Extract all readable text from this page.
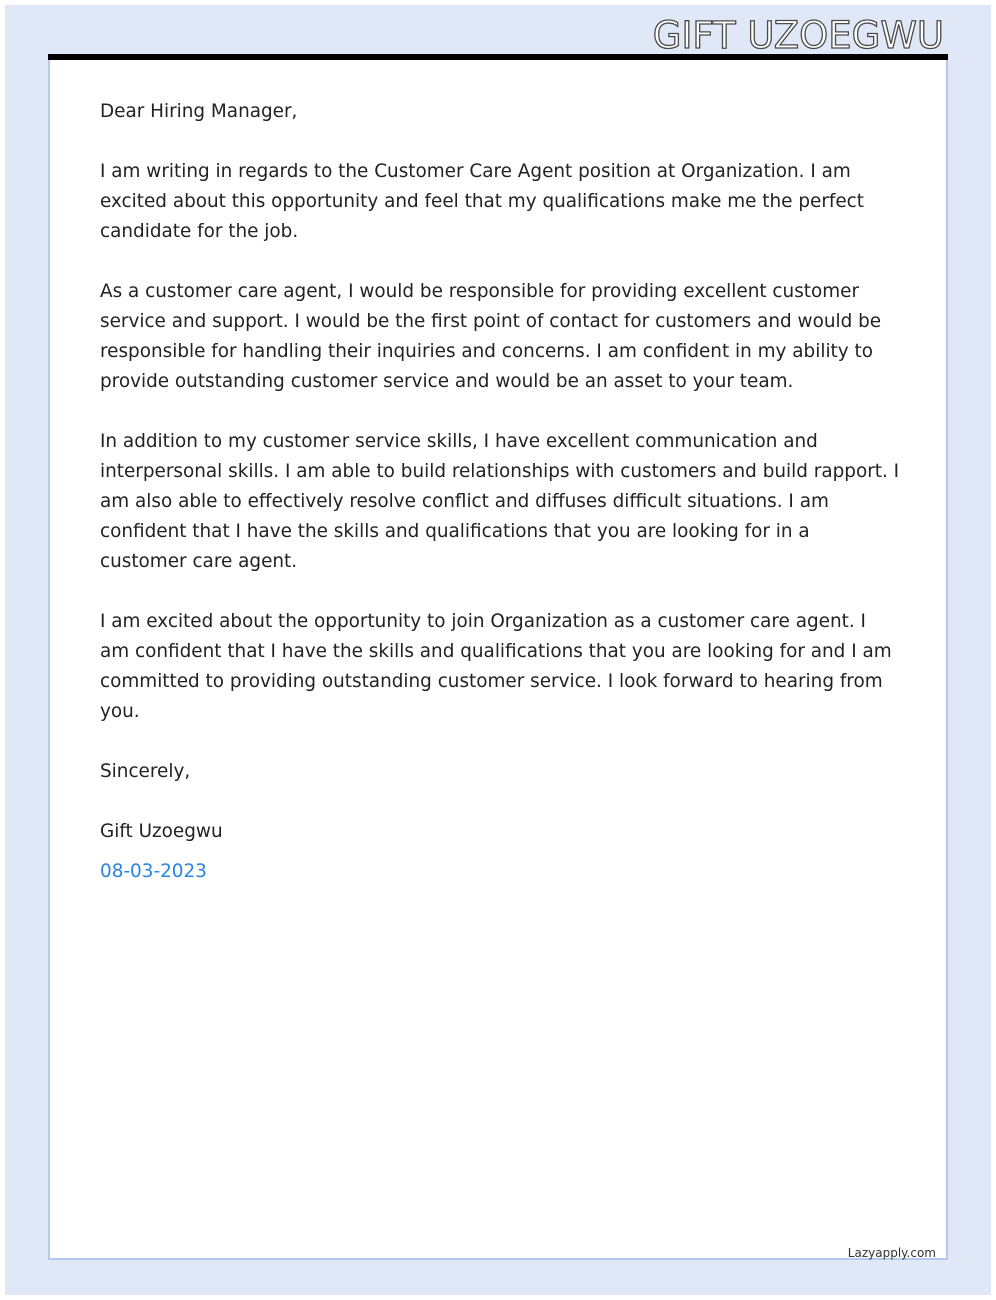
GIFT UZOEGWU

Dear Hiring Manager,

I am writing in regards to the Customer Care Agent position at Organization. I am excited about this opportunity and feel that my qualifications make me the perfect candidate for the job.

As a customer care agent, I would be responsible for providing excellent customer service and support. I would be the first point of contact for customers and would be responsible for handling their inquiries and concerns. I am confident in my ability to provide outstanding customer service and would be an asset to your team.

In addition to my customer service skills, I have excellent communication and interpersonal skills. I am able to build relationships with customers and build rapport. I am also able to effectively resolve conflict and diffuses difficult situations. I am confident that I have the skills and qualifications that you are looking for in a customer care agent.

I am excited about the opportunity to join Organization as a customer care agent. I am confident that I have the skills and qualifications that you are looking for and I am committed to providing outstanding customer service. I look forward to hearing from you.

Sincerely,

Gift Uzoegwu

08-03-2023

Lazyapply.com
